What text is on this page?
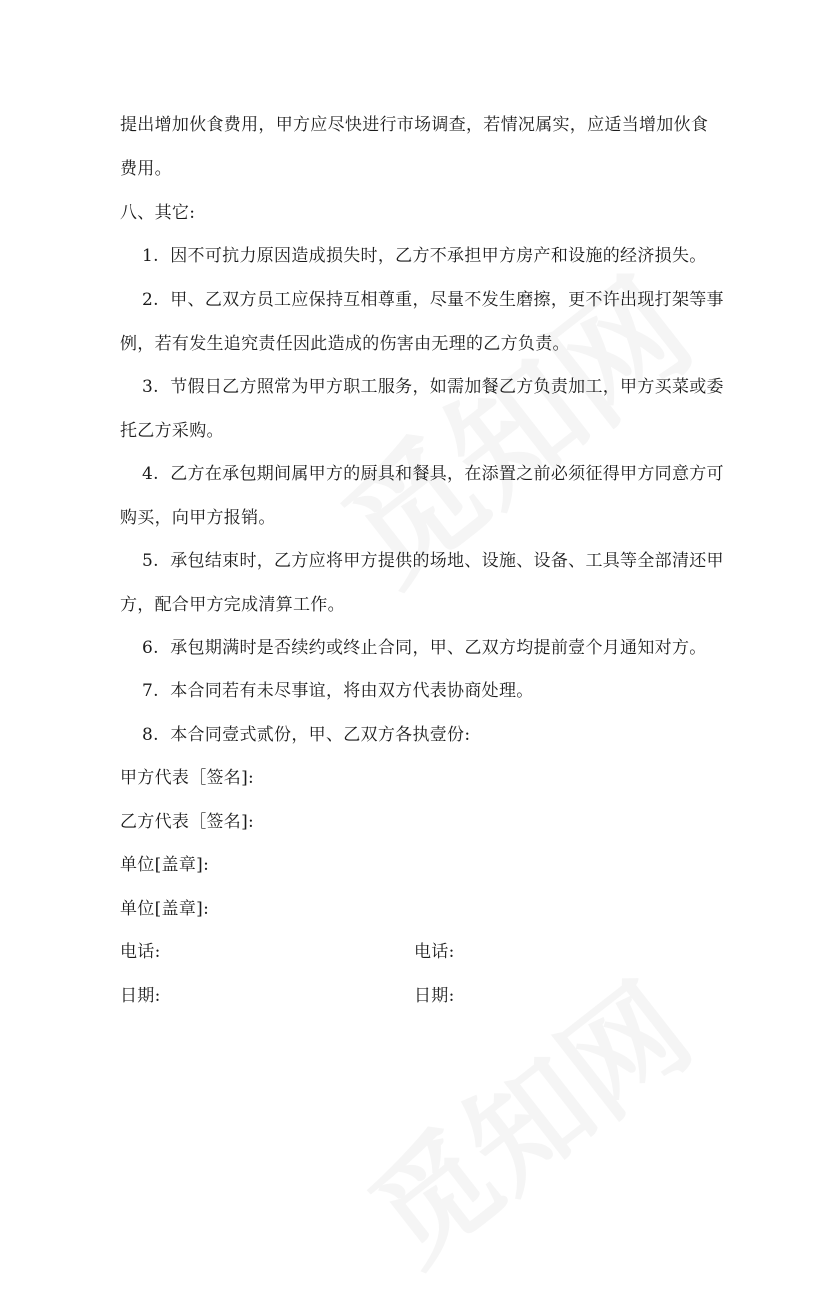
提出增加伙食费用，甲方应尽快进行市场调查，若情况属实，应适当增加伙食
费用。
八、其它:
1. 因不可抗力原因造成损失时，乙方不承担甲方房产和设施的经济损失。
2. 甲、乙双方员工应保持互相尊重，尽量不发生磨擦，更不许出现打架等事
例，若有发生追究责任因此造成的伤害由无理的乙方负责。
3. 节假日乙方照常为甲方职工服务，如需加餐乙方负责加工，甲方买菜或委
托乙方采购。
4. 乙方在承包期间属甲方的厨具和餐具，在添置之前必须征得甲方同意方可
购买，向甲方报销。
5. 承包结束时，乙方应将甲方提供的场地、设施、设备、工具等全部清还甲
方，配合甲方完成清算工作。
6. 承包期满时是否续约或终止合同，甲、乙双方均提前壹个月通知对方。
7. 本合同若有未尽事谊，将由双方代表协商处理。
8. 本合同壹式贰份，甲、乙双方各执壹份:
甲方代表［签名]:
乙方代表［签名]:
单位[盖章]:
单位[盖章]:
电话:	电话:
日期:	日期:
